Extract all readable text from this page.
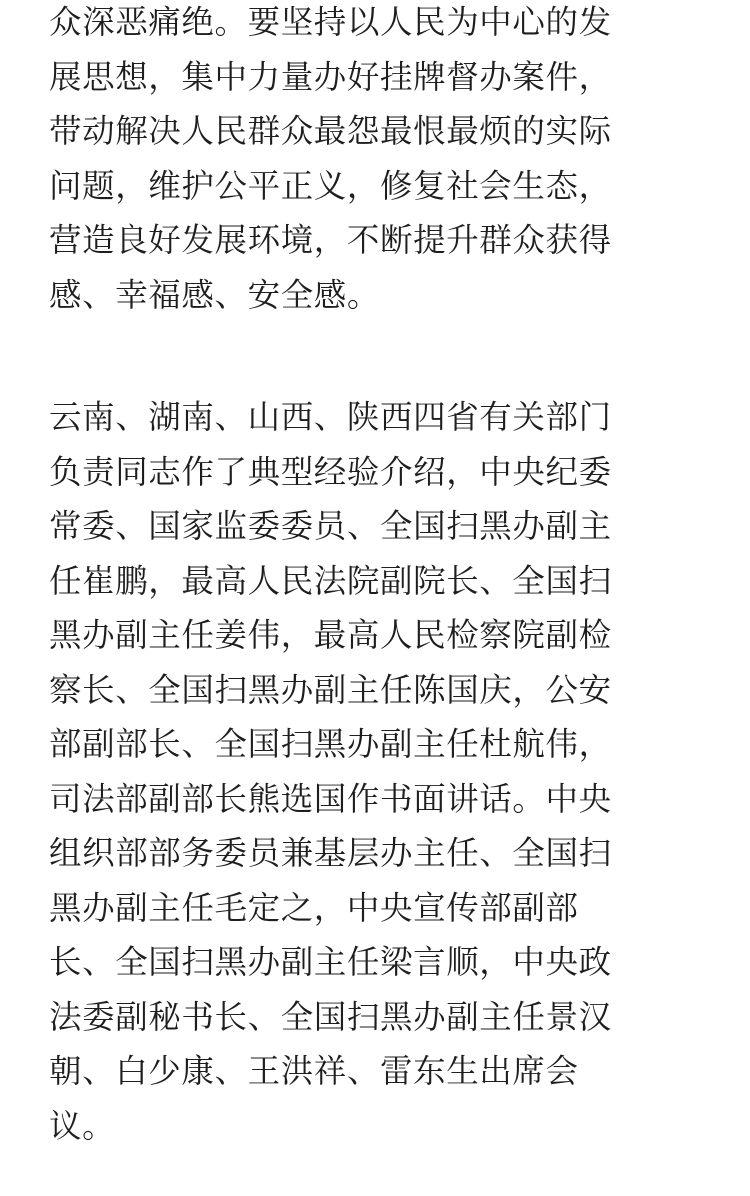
众深恶痛绝。要坚持以人民为中心的发
展思想，集中力量办好挂牌督办案件，
带动解决人民群众最怨最恨最烦的实际
问题，维护公平正义，修复社会生态，
营造良好发展环境，不断提升群众获得
感、幸福感、安全感。
云南、湖南、山西、陕西四省有关部门
负责同志作了典型经验介绍，中央纪委
常委、国家监委委员、全国扫黑办副主
任崔鹏，最高人民法院副院长、全国扫
黑办副主任姜伟，最高人民检察院副检
察长、全国扫黑办副主任陈国庆，公安
部副部长、全国扫黑办副主任杜航伟，
司法部副部长熊选国作书面讲话。中央
组织部部务委员兼基层办主任、全国扫
黑办副主任毛定之，中央宣传部副部
长、全国扫黑办副主任梁言顺，中央政
法委副秘书长、全国扫黑办副主任景汉
朝、白少康、王洪祥、雷东生出席会
议。
